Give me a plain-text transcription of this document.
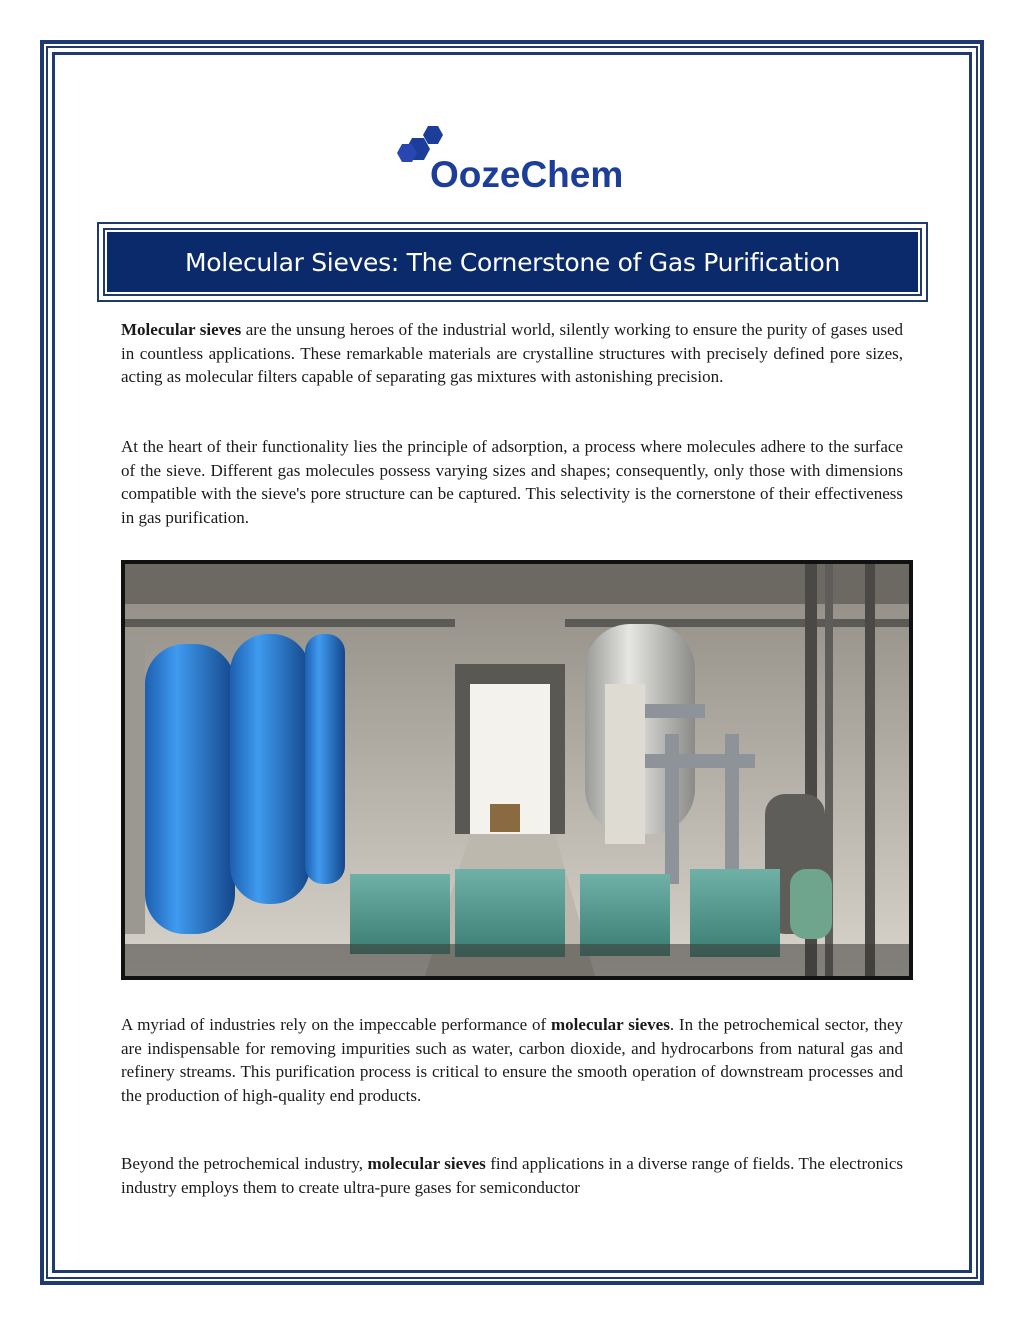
OozeChem
Molecular Sieves: The Cornerstone of Gas Purification

Molecular sieves are the unsung heroes of the industrial world, silently working to ensure the purity of gases used in countless applications. These remarkable materials are crystalline structures with precisely defined pore sizes, acting as molecular filters capable of separating gas mixtures with astonishing precision.

At the heart of their functionality lies the principle of adsorption, a process where molecules adhere to the surface of the sieve. Different gas molecules possess varying sizes and shapes; consequently, only those with dimensions compatible with the sieve's pore structure can be captured. This selectivity is the cornerstone of their effectiveness in gas purification.

A myriad of industries rely on the impeccable performance of molecular sieves. In the petrochemical sector, they are indispensable for removing impurities such as water, carbon dioxide, and hydrocarbons from natural gas and refinery streams. This purification process is critical to ensure the smooth operation of downstream processes and the production of high-quality end products.

Beyond the petrochemical industry, molecular sieves find applications in a diverse range of fields. The electronics industry employs them to create ultra-pure gases for semiconductor
